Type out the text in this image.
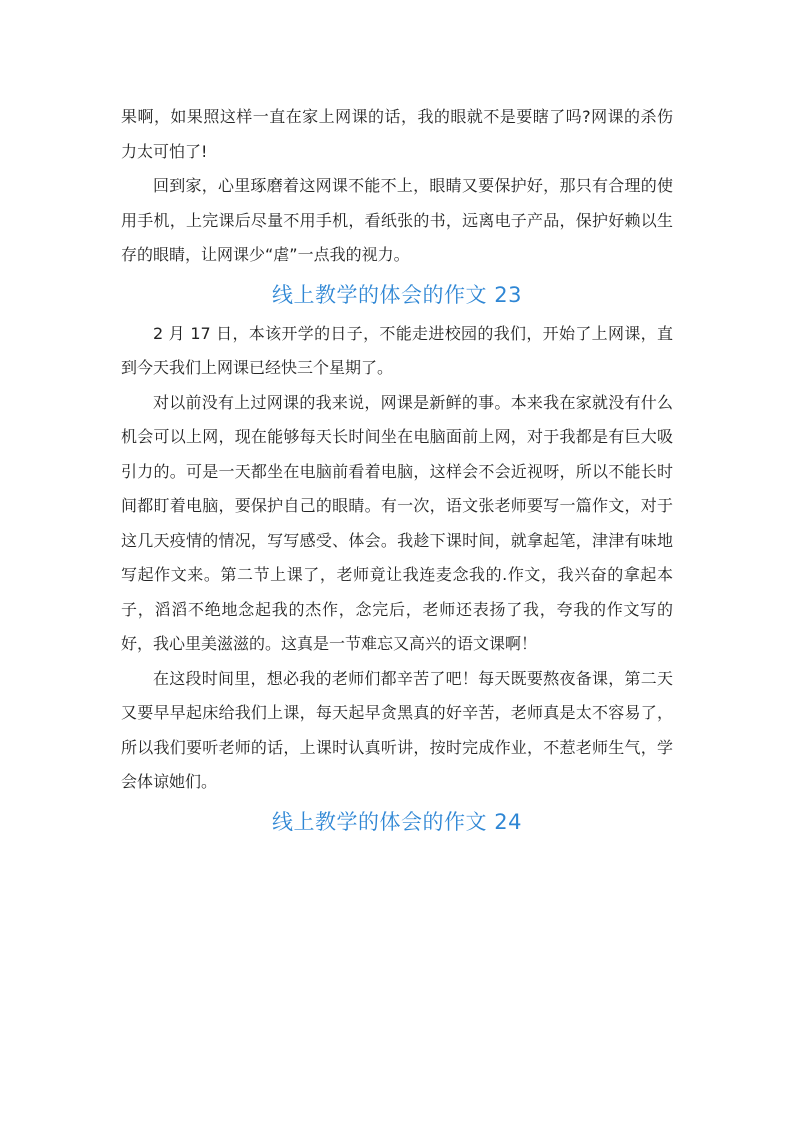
果啊，如果照这样一直在家上网课的话，我的眼就不是要瞎了吗?网课的杀伤力太可怕了!

回到家，心里琢磨着这网课不能不上，眼睛又要保护好，那只有合理的使用手机，上完课后尽量不用手机，看纸张的书，远离电子产品，保护好赖以生存的眼睛，让网课少“虐”一点我的视力。

线上教学的体会的作文 23

2 月 17 日，本该开学的日子，不能走进校园的我们，开始了上网课，直到今天我们上网课已经快三个星期了。

对以前没有上过网课的我来说，网课是新鲜的事。本来我在家就没有什么机会可以上网，现在能够每天长时间坐在电脑面前上网，对于我都是有巨大吸引力的。可是一天都坐在电脑前看着电脑，这样会不会近视呀，所以不能长时间都盯着电脑，要保护自己的眼睛。有一次，语文张老师要写一篇作文，对于这几天疫情的情况，写写感受、体会。我趁下课时间，就拿起笔，津津有味地写起作文来。第二节上课了，老师竟让我连麦念我的.作文，我兴奋的拿起本子，滔滔不绝地念起我的杰作，念完后，老师还表扬了我，夸我的作文写的好，我心里美滋滋的。这真是一节难忘又高兴的语文课啊！

在这段时间里，想必我的老师们都辛苦了吧！每天既要熬夜备课，第二天又要早早起床给我们上课，每天起早贪黑真的好辛苦，老师真是太不容易了，所以我们要听老师的话，上课时认真听讲，按时完成作业，不惹老师生气，学会体谅她们。

线上教学的体会的作文 24
